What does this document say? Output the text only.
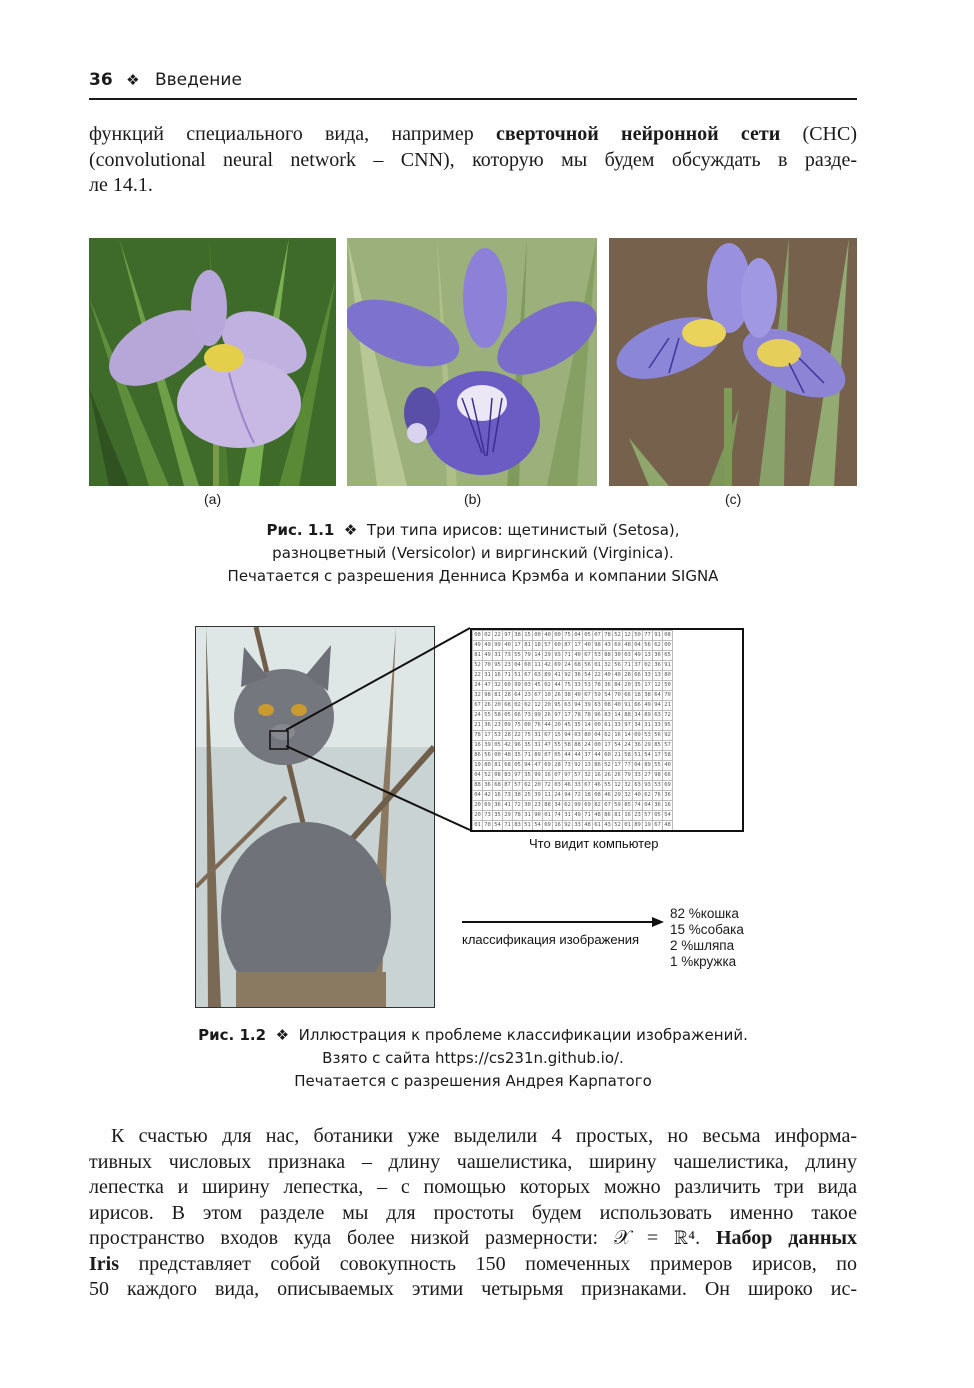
36 ❖ Введение
функций специального вида, например сверточной нейронной сети (СНС)
(convolutional neural network – CNN), которую мы будем обсуждать в разде-
ле 14.1.
(a)	(b)	(c)
Рис. 1.1 ❖ Три типа ирисов: щетинистый (Setosa),
разноцветный (Versicolor) и виргинский (Virginica).
Печатается с разрешения Денниса Крэмба и компании SIGNA
08	02	22	97	38	15	00	40	00	75	04	05	07	78	52	12	50	77	91	08
49	49	99	40	17	81	18	57	60	87	17	40	98	43	69	48	04	56	62	00
81	49	31	73	55	79	14	29	93	71	40	67	53	88	30	03	49	13	36	65
52	70	95	23	04	60	11	42	69	24	68	56	01	32	56	71	37	02	36	91
22	31	16	71	51	67	63	89	41	92	36	54	22	40	40	28	66	33	13	80
24	47	32	60	99	03	45	02	44	75	33	53	78	36	84	20	35	17	12	50
32	98	81	28	64	23	67	10	26	38	40	67	59	54	70	66	18	38	64	70
67	26	20	68	02	62	12	20	95	63	94	39	63	08	40	91	66	49	94	21
24	55	58	05	66	73	99	26	97	17	78	78	96	83	14	88	34	89	63	72
21	36	23	09	75	00	76	44	20	45	35	14	00	61	33	97	34	31	33	95
78	17	53	28	22	75	31	67	15	94	03	80	04	62	16	14	09	53	56	92
16	39	05	42	96	35	31	47	55	58	88	24	00	17	54	24	36	29	85	57
86	56	00	48	35	71	89	07	05	44	44	37	44	60	21	58	51	54	17	58
19	80	81	68	05	94	47	69	28	73	92	13	86	52	17	77	04	89	55	40
04	52	08	83	97	35	99	16	07	97	57	32	16	26	26	79	33	27	98	66
88	36	68	87	57	62	20	72	03	46	33	67	46	55	12	32	63	93	53	69
04	42	16	73	38	25	39	11	24	94	72	18	08	46	29	32	40	62	76	36
20	69	36	41	72	30	23	88	34	62	99	69	82	67	59	85	74	04	36	16
20	73	35	29	78	31	90	01	74	31	49	71	48	86	81	16	23	57	05	54
01	70	54	71	83	51	54	69	16	92	33	48	61	43	52	01	89	19	67	48
Что видит компьютер
классификация изображения
82 %кошка
15 %собака
2 %шляпа
1 %кружка
Рис. 1.2 ❖ Иллюстрация к проблеме классификации изображений.
Взято с сайта https://cs231n.github.io/.
Печатается с разрешения Андрея Карпатого
К счастью для нас, ботаники уже выделили 4 простых, но весьма информа-
тивных числовых признака – длину чашелистика, ширину чашелистика, длину
лепестка и ширину лепестка, – с помощью которых можно различить три вида
ирисов. В этом разделе мы для простоты будем использовать именно такое
пространство входов куда более низкой размерности: 𝒳 = ℝ⁴. Набор данных
Iris представляет собой совокупность 150 помеченных примеров ирисов, по
50 каждого вида, описываемых этими четырьмя признаками. Он широко ис-
